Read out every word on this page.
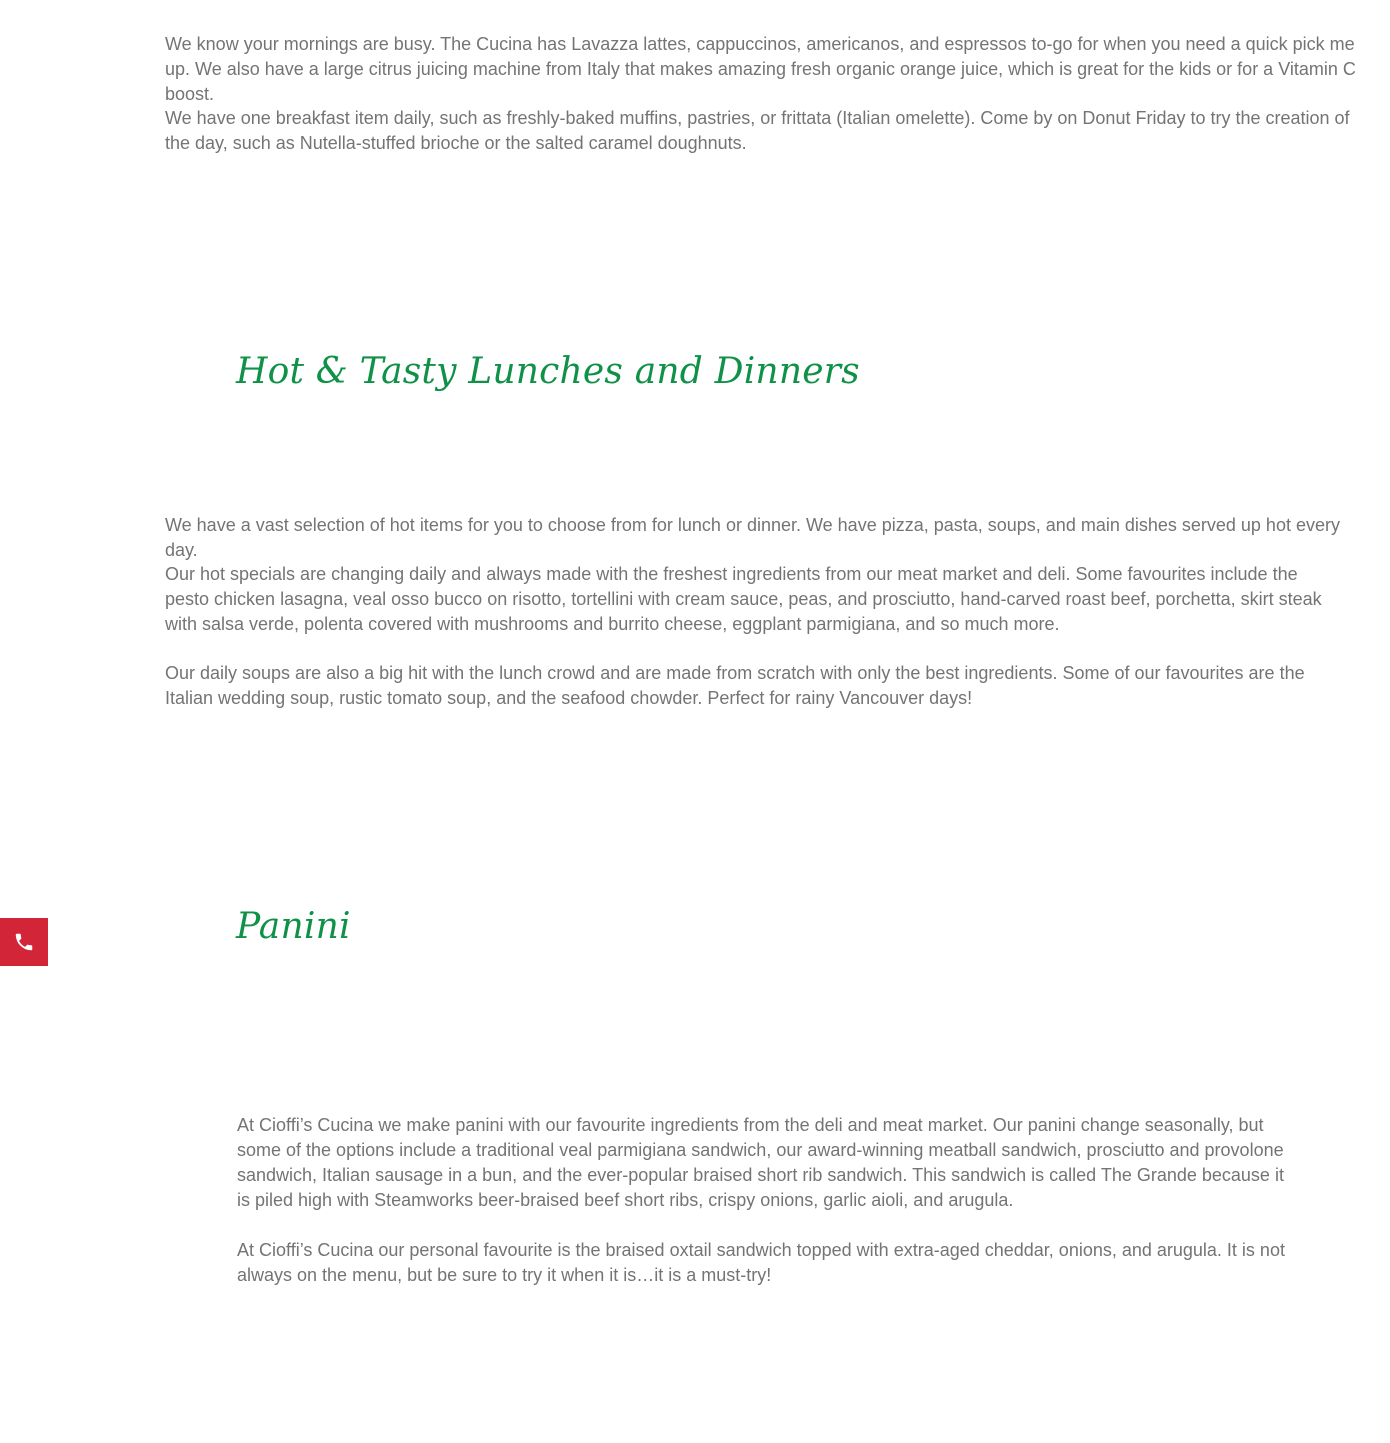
We know your mornings are busy. The Cucina has Lavazza lattes, cappuccinos, americanos, and espressos to-go for when you need a quick pick me up. We also have a large citrus juicing machine from Italy that makes amazing fresh organic orange juice, which is great for the kids or for a Vitamin C boost.

We have one breakfast item daily, such as freshly-baked muffins, pastries, or frittata (Italian omelette). Come by on Donut Friday to try the creation of the day, such as Nutella-stuffed brioche or the salted caramel doughnuts.

Hot & Tasty Lunches and Dinners

We have a vast selection of hot items for you to choose from for lunch or dinner. We have pizza, pasta, soups, and main dishes served up hot every day.

Our hot specials are changing daily and always made with the freshest ingredients from our meat market and deli. Some favourites include the pesto chicken lasagna, veal osso bucco on risotto, tortellini with cream sauce, peas, and prosciutto, hand-carved roast beef, porchetta, skirt steak with salsa verde, polenta covered with mushrooms and burrito cheese, eggplant parmigiana, and so much more.

Our daily soups are also a big hit with the lunch crowd and are made from scratch with only the best ingredients. Some of our favourites are the Italian wedding soup, rustic tomato soup, and the seafood chowder. Perfect for rainy Vancouver days!

Panini

At Cioffi’s Cucina we make panini with our favourite ingredients from the deli and meat market. Our panini change seasonally, but some of the options include a traditional veal parmigiana sandwich, our award-winning meatball sandwich, prosciutto and provolone sandwich, Italian sausage in a bun, and the ever-popular braised short rib sandwich. This sandwich is called The Grande because it is piled high with Steamworks beer-braised beef short ribs, crispy onions, garlic aioli, and arugula.

At Cioffi’s Cucina our personal favourite is the braised oxtail sandwich topped with extra-aged cheddar, onions, and arugula. It is not always on the menu, but be sure to try it when it is…it is a must-try!
